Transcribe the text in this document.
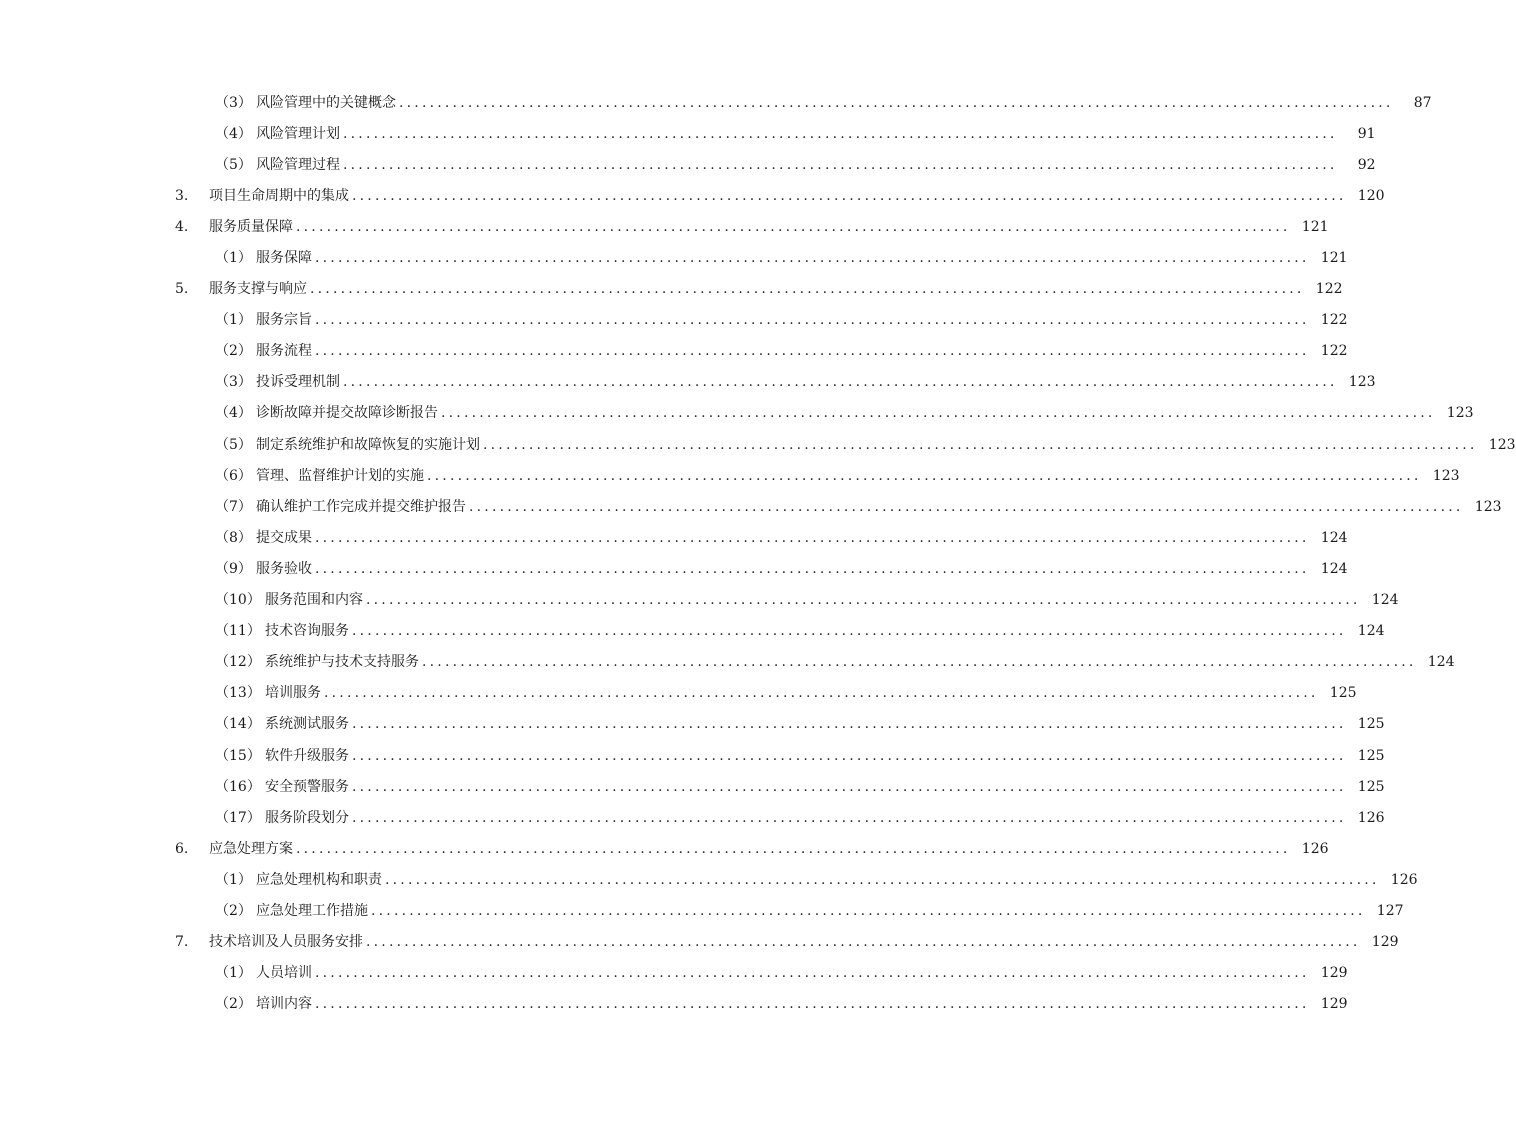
（3） 风险管理中的关键概念 ..................................................................................................................................	87
（4） 风险管理计划 ..................................................................................................................................	91
（5） 风险管理过程 ..................................................................................................................................	92
3.	项目生命周期中的集成 .................................................................................................................................. 120
4.	服务质量保障 .................................................................................................................................. 121
（1） 服务保障 .................................................................................................................................. 121
5.	服务支撑与响应 .................................................................................................................................. 122
（1） 服务宗旨 .................................................................................................................................. 122
（2） 服务流程 .................................................................................................................................. 122
（3） 投诉受理机制 .................................................................................................................................. 123
（4） 诊断故障并提交故障诊断报告 .................................................................................................................................. 123
（5） 制定系统维护和故障恢复的实施计划 .................................................................................................................................. 123
（6） 管理、监督维护计划的实施 .................................................................................................................................. 123
（7） 确认维护工作完成并提交维护报告 .................................................................................................................................. 123
（8） 提交成果 .................................................................................................................................. 124
（9） 服务验收 .................................................................................................................................. 124
（10） 服务范围和内容 .................................................................................................................................. 124
（11） 技术咨询服务 .................................................................................................................................. 124
（12） 系统维护与技术支持服务 .................................................................................................................................. 124
（13） 培训服务 .................................................................................................................................. 125
（14） 系统测试服务 .................................................................................................................................. 125
（15） 软件升级服务 .................................................................................................................................. 125
（16） 安全预警服务 .................................................................................................................................. 125
（17） 服务阶段划分 .................................................................................................................................. 126
6.	应急处理方案 .................................................................................................................................. 126
（1） 应急处理机构和职责 .................................................................................................................................. 126
（2） 应急处理工作措施 .................................................................................................................................. 127
7.	技术培训及人员服务安排 .................................................................................................................................. 129
（1） 人员培训 .................................................................................................................................. 129
（2） 培训内容 .................................................................................................................................. 129
